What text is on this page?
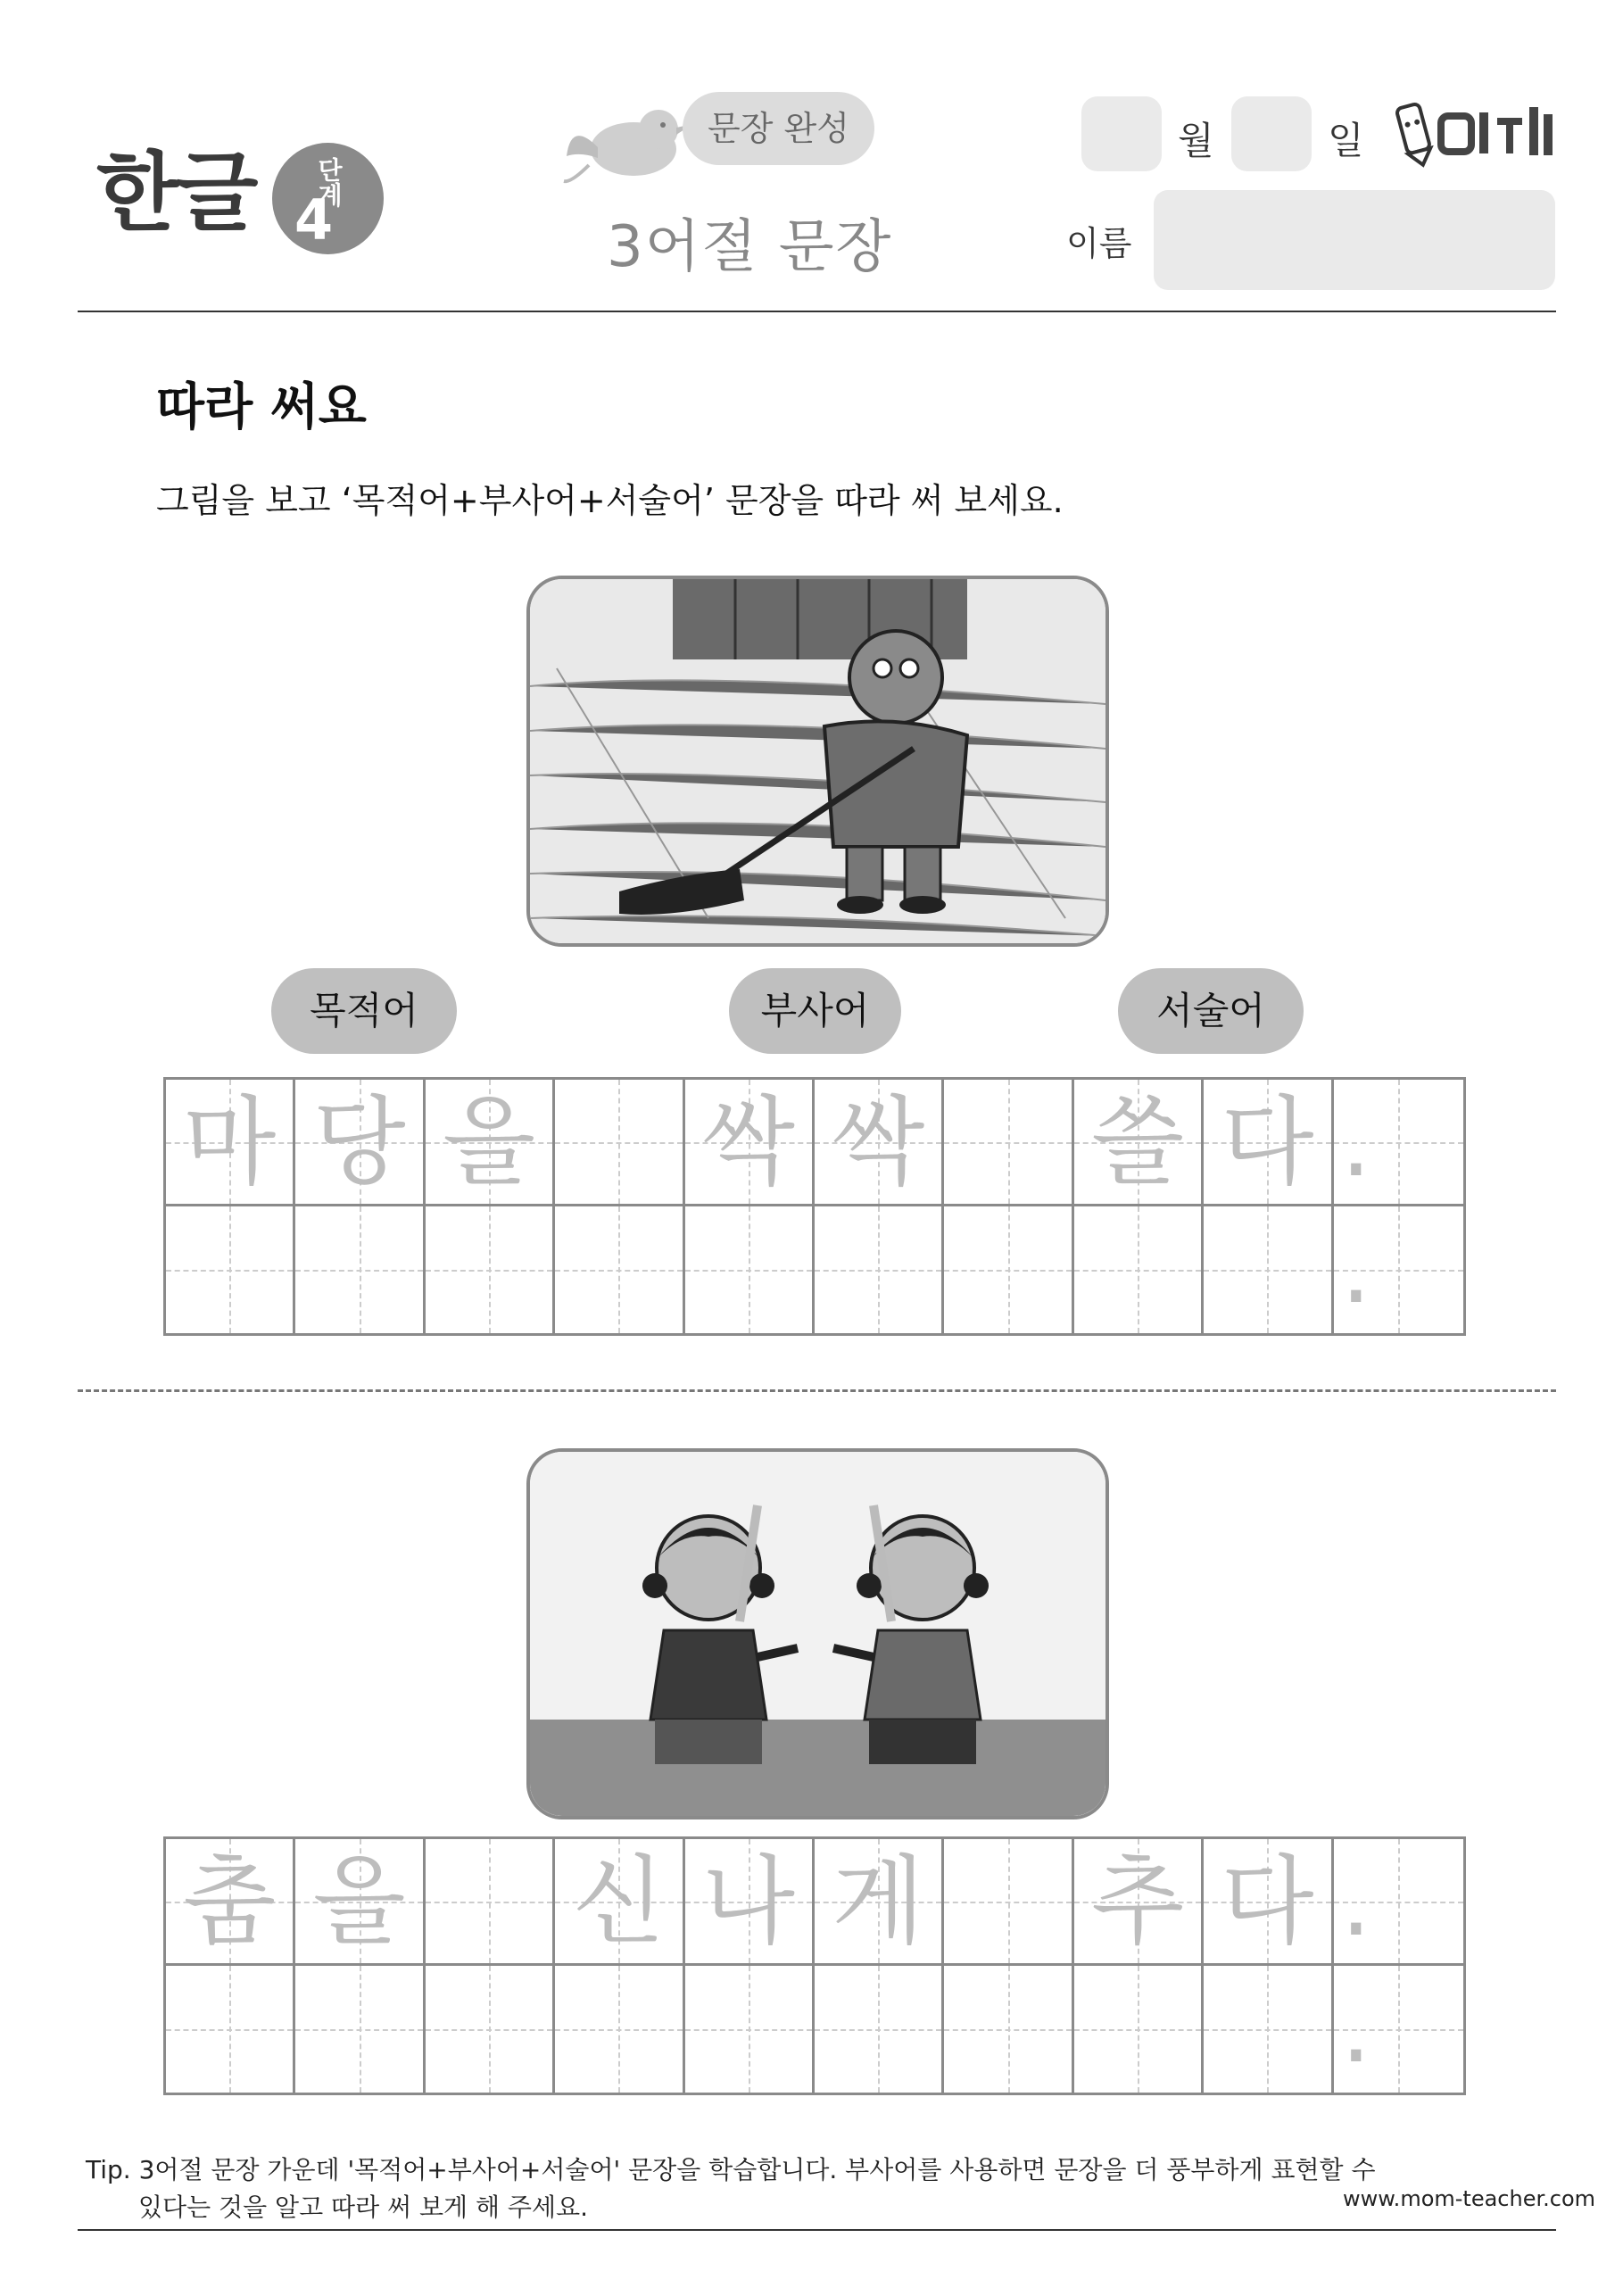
한글 단계
4
문장 완성
3어절 문장
월	일
이름
따라 써요
그림을 보고 ‘목적어+부사어+서술어’ 문장을 따라 써 보세요.
목적어	부사어	서술어
마 당 을 싹 싹 쓸 다 .
.
춤 을 신 나 게 추 다 .
.
Tip. 3어절 문장 가운데 '목적어+부사어+서술어' 문장을 학습합니다. 부사어를 사용하면 문장을 더 풍부하게 표현할 수
있다는 것을 알고 따라 써 보게 해 주세요.	www.mom-teacher.com
